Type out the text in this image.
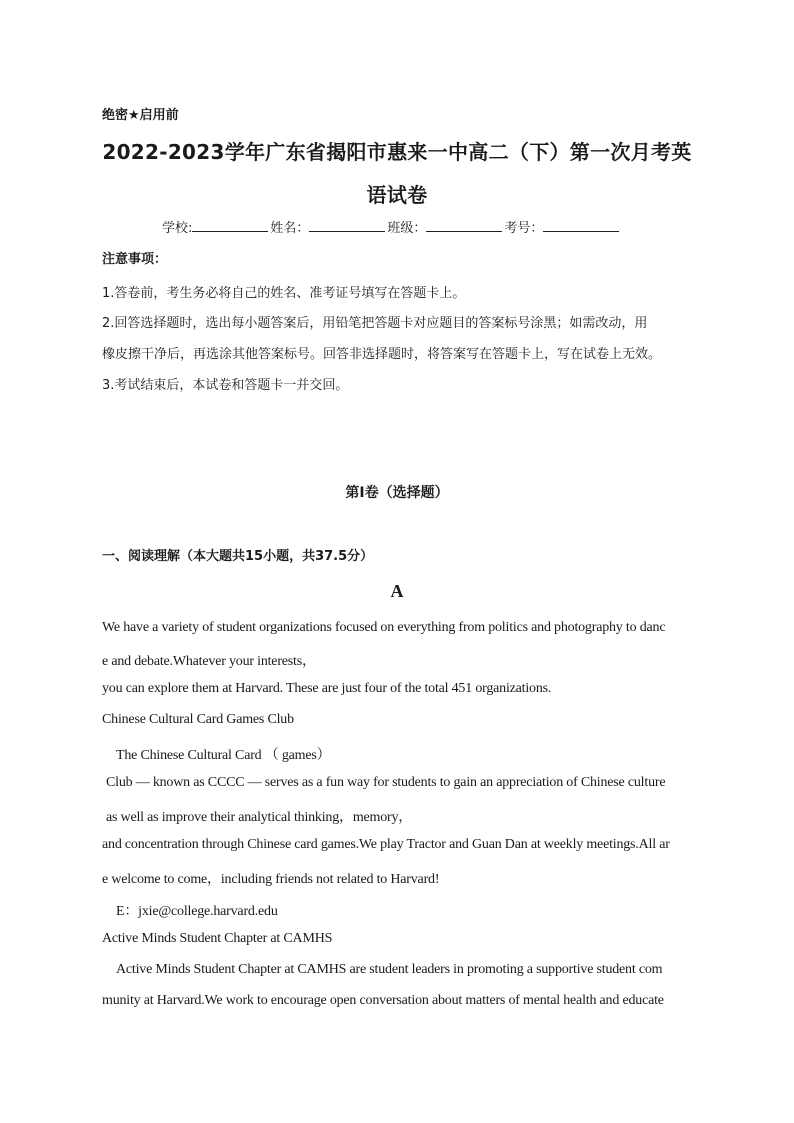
绝密★启用前
2022-2023学年广东省揭阳市惠来一中高二（下）第一次月考英
语试卷
学校:	姓名：	班级：	考号：
注意事项：
1.答卷前，考生务必将自己的姓名、准考证号填写在答题卡上。
2.回答选择题时，选出每小题答案后，用铅笔把答题卡对应题目的答案标号涂黑；如需改动，用
橡皮擦干净后，再选涂其他答案标号。回答非选择题时，将答案写在答题卡上，写在试卷上无效。
3.考试结束后，本试卷和答题卡一并交回。
第I卷（选择题）
一、阅读理解（本大题共15小题，共37.5分）
A
We have a variety of student organizations focused on everything from politics and photography to danc
e and debate.Whatever your interests，
you can explore them at Harvard. These are just four of the total 451 organizations.
Chinese Cultural Card Games Club
The Chinese Cultural Card （ games）
Club — known as CCCC — serves as a fun way for students to gain an appreciation of Chinese culture
as well as improve their analytical thinking，memory，
and concentration through Chinese card games.We play Tractor and Guan Dan at weekly meetings.All ar
e welcome to come，including friends not related to Harvard!
E：jxie@college.harvard.edu
Active Minds Student Chapter at CAMHS
Active Minds Student Chapter at CAMHS are student leaders in promoting a supportive student com
munity at Harvard.We work to encourage open conversation about matters of mental health and educate
